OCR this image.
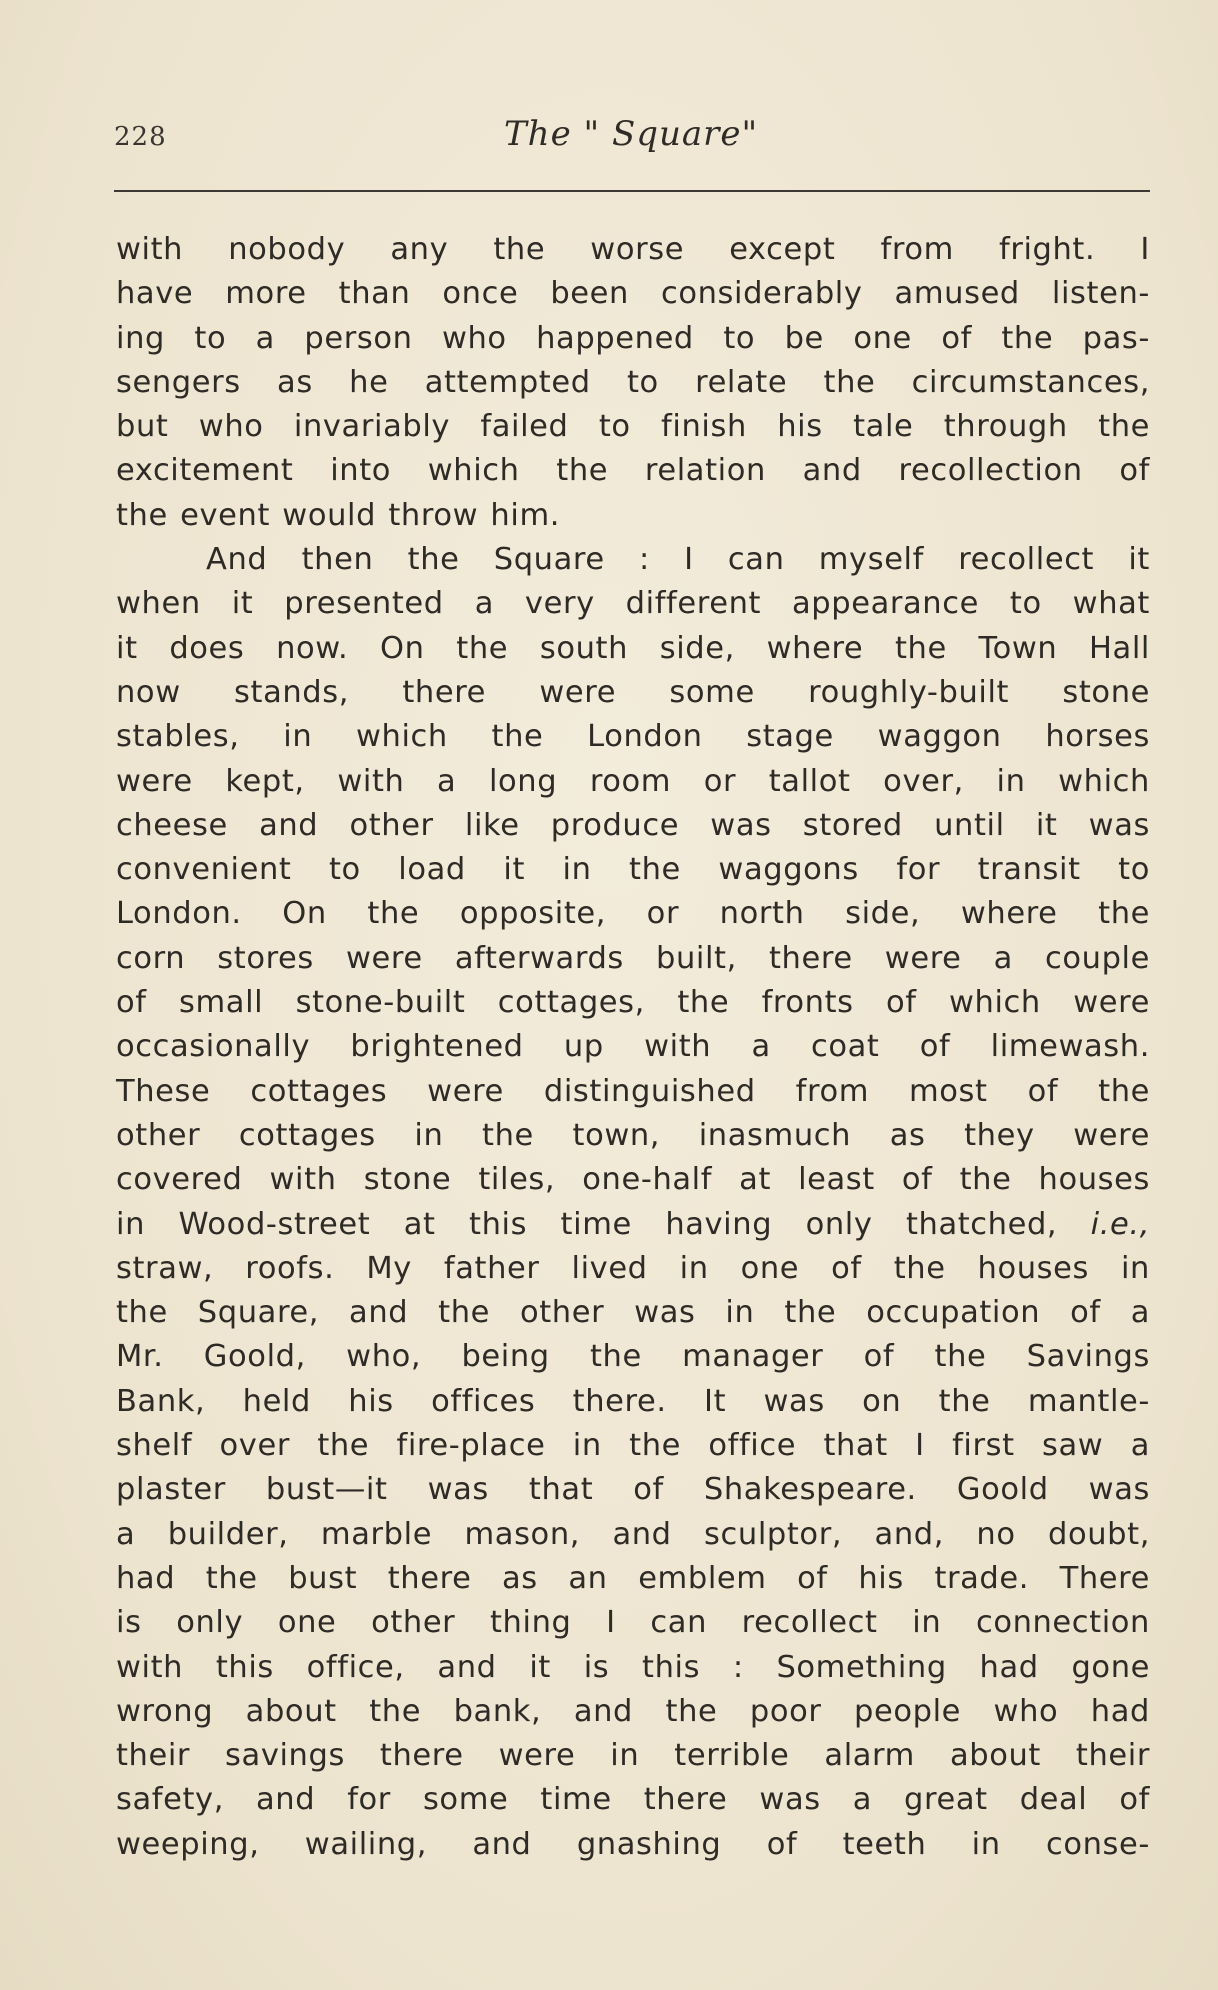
228	The " Square"
with nobody any the worse except from fright. I
have more than once been considerably amused listen-
ing to a person who happened to be one of the pas-
sengers as he attempted to relate the circumstances,
but who invariably failed to finish his tale through the
excitement into which the relation and recollection of
the event would throw him.
And then the Square : I can myself recollect it
when it presented a very different appearance to what
it does now. On the south side, where the Town Hall
now stands, there were some roughly-built stone
stables, in which the London stage waggon horses
were kept, with a long room or tallot over, in which
cheese and other like produce was stored until it was
convenient to load it in the waggons for transit to
London. On the opposite, or north side, where the
corn stores were afterwards built, there were a couple
of small stone-built cottages, the fronts of which were
occasionally brightened up with a coat of limewash.
These cottages were distinguished from most of the
other cottages in the town, inasmuch as they were
covered with stone tiles, one-half at least of the houses
in Wood-street at this time having only thatched, i.e.,
straw, roofs. My father lived in one of the houses in
the Square, and the other was in the occupation of a
Mr. Goold, who, being the manager of the Savings
Bank, held his offices there. It was on the mantle-
shelf over the fire-place in the office that I first saw a
plaster bust—it was that of Shakespeare. Goold was
a builder, marble mason, and sculptor, and, no doubt,
had the bust there as an emblem of his trade. There
is only one other thing I can recollect in connection
with this office, and it is this : Something had gone
wrong about the bank, and the poor people who had
their savings there were in terrible alarm about their
safety, and for some time there was a great deal of
weeping, wailing, and gnashing of teeth in conse-
